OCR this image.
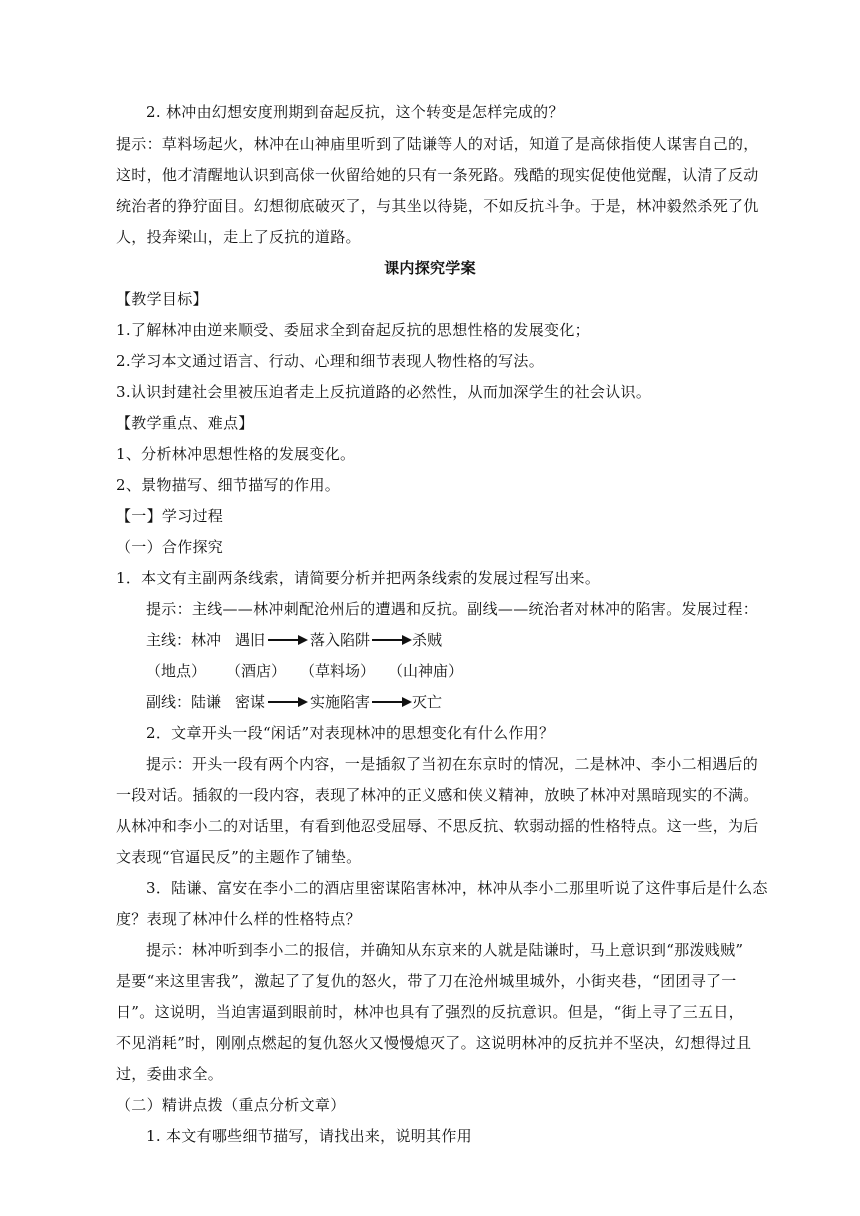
2. 林冲由幻想安度刑期到奋起反抗，这个转变是怎样完成的？
提示：草料场起火，林冲在山神庙里听到了陆谦等人的对话，知道了是高俅指使人谋害自己的，
这时，他才清醒地认识到高俅一伙留给她的只有一条死路。残酷的现实促使他觉醒，认清了反动
统治者的狰狞面目。幻想彻底破灭了，与其坐以待毙，不如反抗斗争。于是，林冲毅然杀死了仇
人，投奔梁山，走上了反抗的道路。
课内探究学案
【教学目标】
1.了解林冲由逆来顺受、委屈求全到奋起反抗的思想性格的发展变化；
2.学习本文通过语言、行动、心理和细节表现人物性格的写法。
3.认识封建社会里被压迫者走上反抗道路的必然性，从而加深学生的社会认识。
【教学重点、难点】
1、分析林冲思想性格的发展变化。
2、景物描写、细节描写的作用。
【一】学习过程
（一）合作探究
1．本文有主副两条线索，请简要分析并把两条线索的发展过程写出来。
提示：主线——林冲刺配沧州后的遭遇和反抗。副线——统治者对林冲的陷害。发展过程：
主线：林冲 遇旧	落入陷阱	杀贼
（地点） （酒店） （草料场） （山神庙）
副线：陆谦 密谋	实施陷害	灭亡
2．文章开头一段“闲话”对表现林冲的思想变化有什么作用？
提示：开头一段有两个内容，一是插叙了当初在东京时的情况，二是林冲、李小二相遇后的
一段对话。插叙的一段内容，表现了林冲的正义感和侠义精神，放映了林冲对黑暗现实的不满。
从林冲和李小二的对话里，有看到他忍受屈辱、不思反抗、软弱动摇的性格特点。这一些，为后
文表现“官逼民反”的主题作了铺垫。
3．陆谦、富安在李小二的酒店里密谋陷害林冲，林冲从李小二那里听说了这件事后是什么态
度？表现了林冲什么样的性格特点？
提示：林冲听到李小二的报信，并确知从东京来的人就是陆谦时，马上意识到“那泼贱贼”
是要“来这里害我”，激起了了复仇的怒火，带了刀在沧州城里城外，小街夹巷，“团团寻了一
日”。这说明，当迫害逼到眼前时，林冲也具有了强烈的反抗意识。但是，“街上寻了三五日，
不见消耗”时，刚刚点燃起的复仇怒火又慢慢熄灭了。这说明林冲的反抗并不坚决，幻想得过且
过，委曲求全。
（二）精讲点拨（重点分析文章）
1. 本文有哪些细节描写，请找出来，说明其作用
